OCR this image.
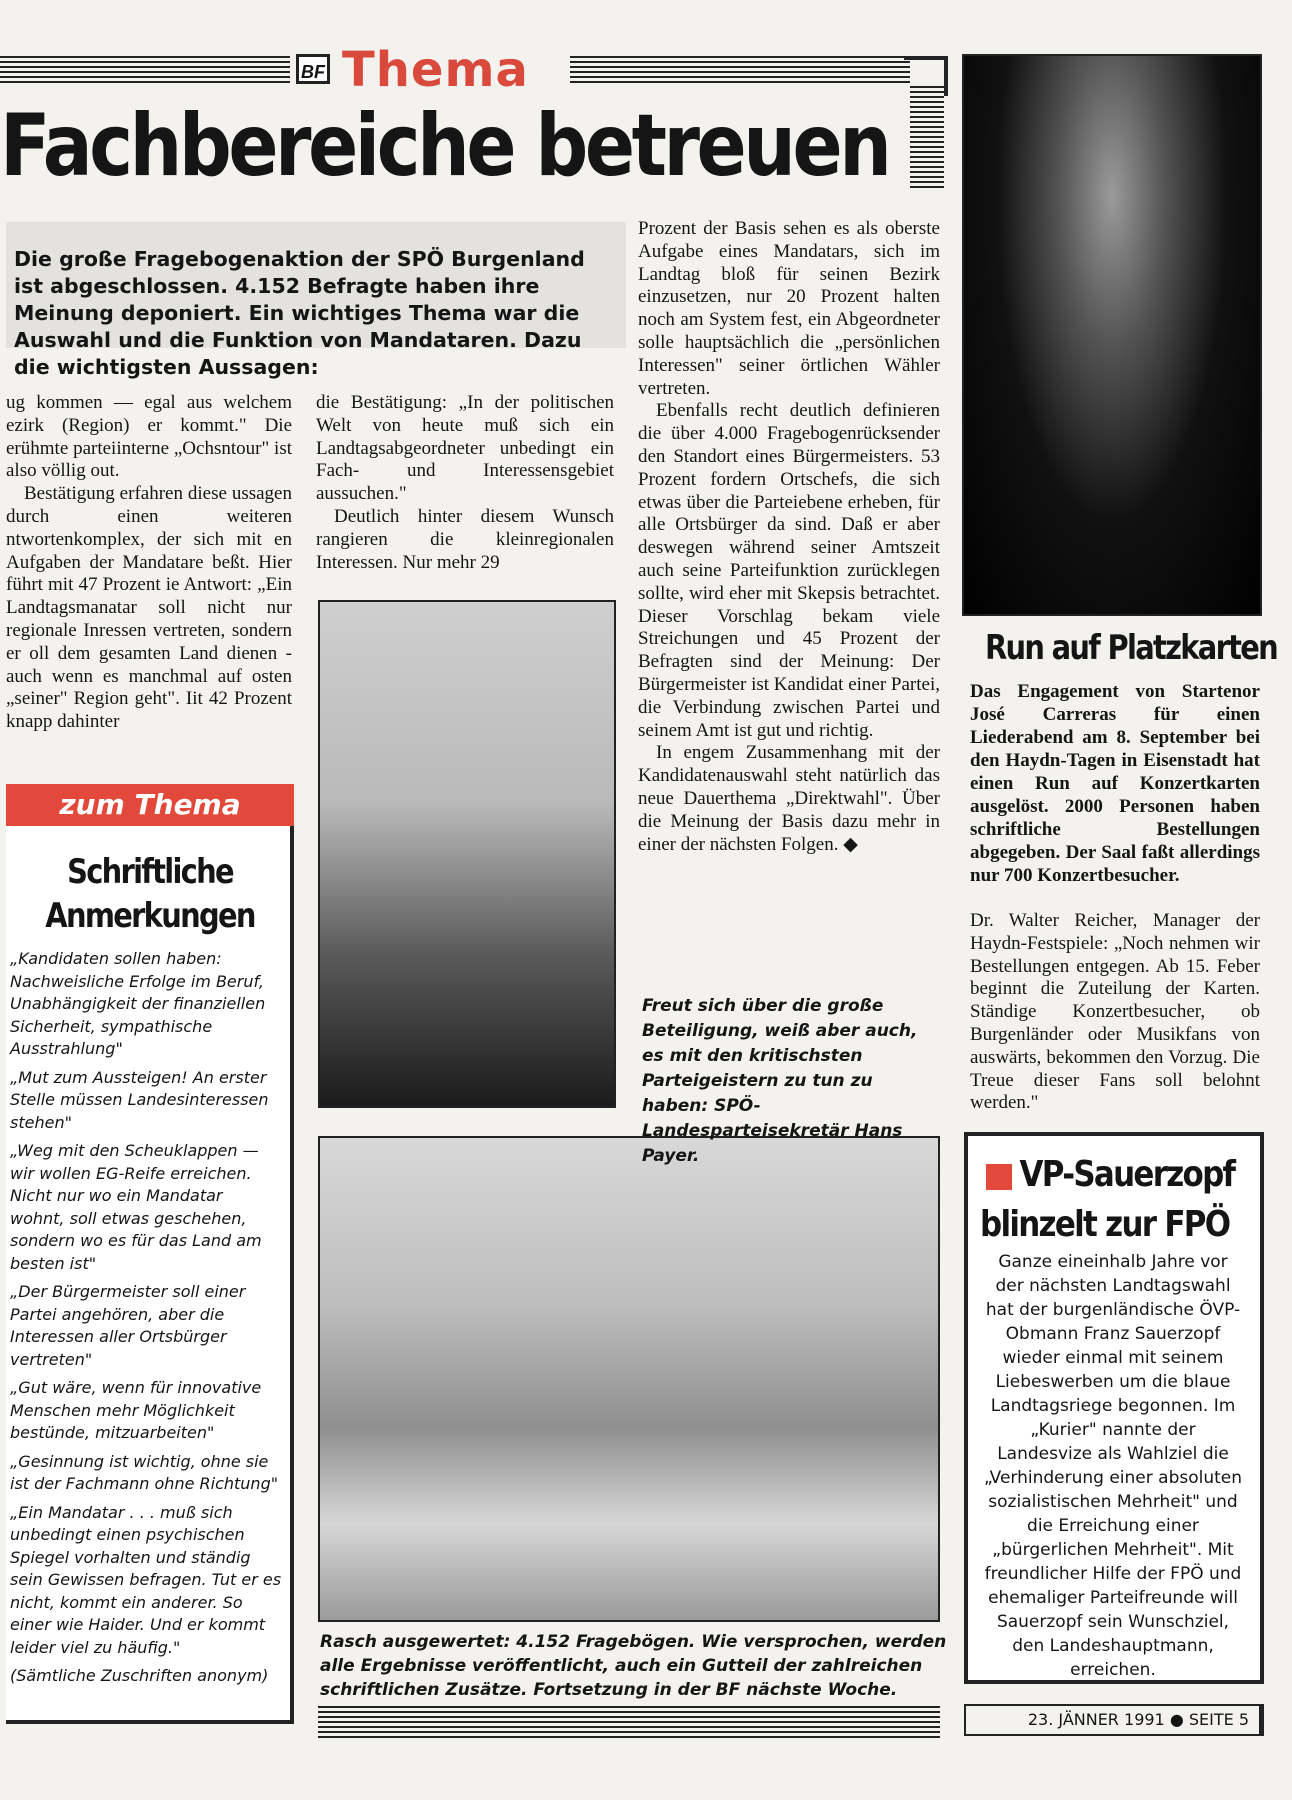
BF Thema
Fachbereiche betreuen
Die große Fragebogenaktion der SPÖ Burgenland ist abgeschlossen. 4.152 Befragte haben ihre Meinung deponiert. Ein wichtiges Thema war die Auswahl und die Funktion von Mandataren. Dazu die wichtigsten Aussagen:

ug kommen — egal aus welchem ezirk (Region) er kommt." Die erühmte parteiinterne „Ochsntour" ist also völlig out.

Bestätigung erfahren diese ussagen durch einen weiteren ntwortenkomplex, der sich mit en Aufgaben der Mandatare beßt. Hier führt mit 47 Prozent ie Antwort: „Ein Landtagsmanatar soll nicht nur regionale Inressen vertreten, sondern er oll dem gesamten Land dienen - auch wenn es manchmal auf osten „seiner" Region geht". Iit 42 Prozent knapp dahinter

die Bestätigung: „In der politischen Welt von heute muß sich ein Landtagsabgeordneter unbedingt ein Fach- und Interessensgebiet aussuchen."

Deutlich hinter diesem Wunsch rangieren die kleinregionalen Interessen. Nur mehr 29

Prozent der Basis sehen es als oberste Aufgabe eines Mandatars, sich im Landtag bloß für seinen Bezirk einzusetzen, nur 20 Prozent halten noch am System fest, ein Abgeordneter solle hauptsächlich die „persönlichen Interessen" seiner örtlichen Wähler vertreten.

Ebenfalls recht deutlich definieren die über 4.000 Fragebogenrücksender den Standort eines Bürgermeisters. 53 Prozent fordern Ortschefs, die sich etwas über die Parteiebene erheben, für alle Ortsbürger da sind. Daß er aber deswegen während seiner Amtszeit auch seine Parteifunktion zurücklegen sollte, wird eher mit Skepsis betrachtet. Dieser Vorschlag bekam viele Streichungen und 45 Prozent der Befragten sind der Meinung: Der Bürgermeister ist Kandidat einer Partei, die Verbindung zwischen Partei und seinem Amt ist gut und richtig.

In engem Zusammenhang mit der Kandidatenauswahl steht natürlich das neue Dauerthema „Direktwahl". Über die Meinung der Basis dazu mehr in einer der nächsten Folgen. ◆

Freut sich über die große Beteiligung, weiß aber auch, es mit den kritischsten Parteigeistern zu tun zu haben: SPÖ-Landesparteisekretär Hans Payer.
Rasch ausgewertet: 4.152 Fragebögen. Wie versprochen, werden alle Ergebnisse veröffentlicht, auch ein Gutteil der zahlreichen schriftlichen Zusätze. Fortsetzung in der BF nächste Woche.
zum Thema
Schriftliche Anmerkungen

„Kandidaten sollen haben: Nachweisliche Erfolge im Beruf, Unabhängigkeit der finanziellen Sicherheit, sympathische Ausstrahlung"

„Mut zum Aussteigen! An erster Stelle müssen Landesinteressen stehen"

„Weg mit den Scheuklappen — wir wollen EG-Reife erreichen. Nicht nur wo ein Mandatar wohnt, soll etwas geschehen, sondern wo es für das Land am besten ist"

„Der Bürgermeister soll einer Partei angehören, aber die Interessen aller Ortsbürger vertreten"

„Gut wäre, wenn für innovative Menschen mehr Möglichkeit bestünde, mitzuarbeiten"

„Gesinnung ist wichtig, ohne sie ist der Fachmann ohne Richtung"

„Ein Mandatar . . . muß sich unbedingt einen psychischen Spiegel vorhalten und ständig sein Gewissen befragen. Tut er es nicht, kommt ein anderer. So einer wie Haider. Und er kommt leider viel zu häufig."

(Sämtliche Zuschriften anonym)

Run auf Platzkarten
Das Engagement von Startenor José Carreras für einen Liederabend am 8. September bei den Haydn-Tagen in Eisenstadt hat einen Run auf Konzertkarten ausgelöst. 2000 Personen haben schriftliche Bestellungen abgegeben. Der Saal faßt allerdings nur 700 Konzertbesucher.
Dr. Walter Reicher, Manager der Haydn-Festspiele: „Noch nehmen wir Bestellungen entgegen. Ab 15. Feber beginnt die Zuteilung der Karten. Ständige Konzertbesucher, ob Burgenländer oder Musikfans von auswärts, bekommen den Vorzug. Die Treue dieser Fans soll belohnt werden."
VP-Sauerzopf
blinzelt zur FPÖ
Ganze eineinhalb Jahre vor der nächsten Landtagswahl hat der burgenländische ÖVP-Obmann Franz Sauerzopf wieder einmal mit seinem Liebeswerben um die blaue Landtagsriege begonnen. Im „Kurier" nannte der Landesvize als Wahlziel die „Verhinderung einer absoluten sozialistischen Mehrheit" und die Erreichung einer „bürgerlichen Mehrheit". Mit freundlicher Hilfe der FPÖ und ehemaliger Parteifreunde will Sauerzopf sein Wunschziel, den Landeshauptmann, erreichen.
23. JÄNNER 1991 ● SEITE 5
